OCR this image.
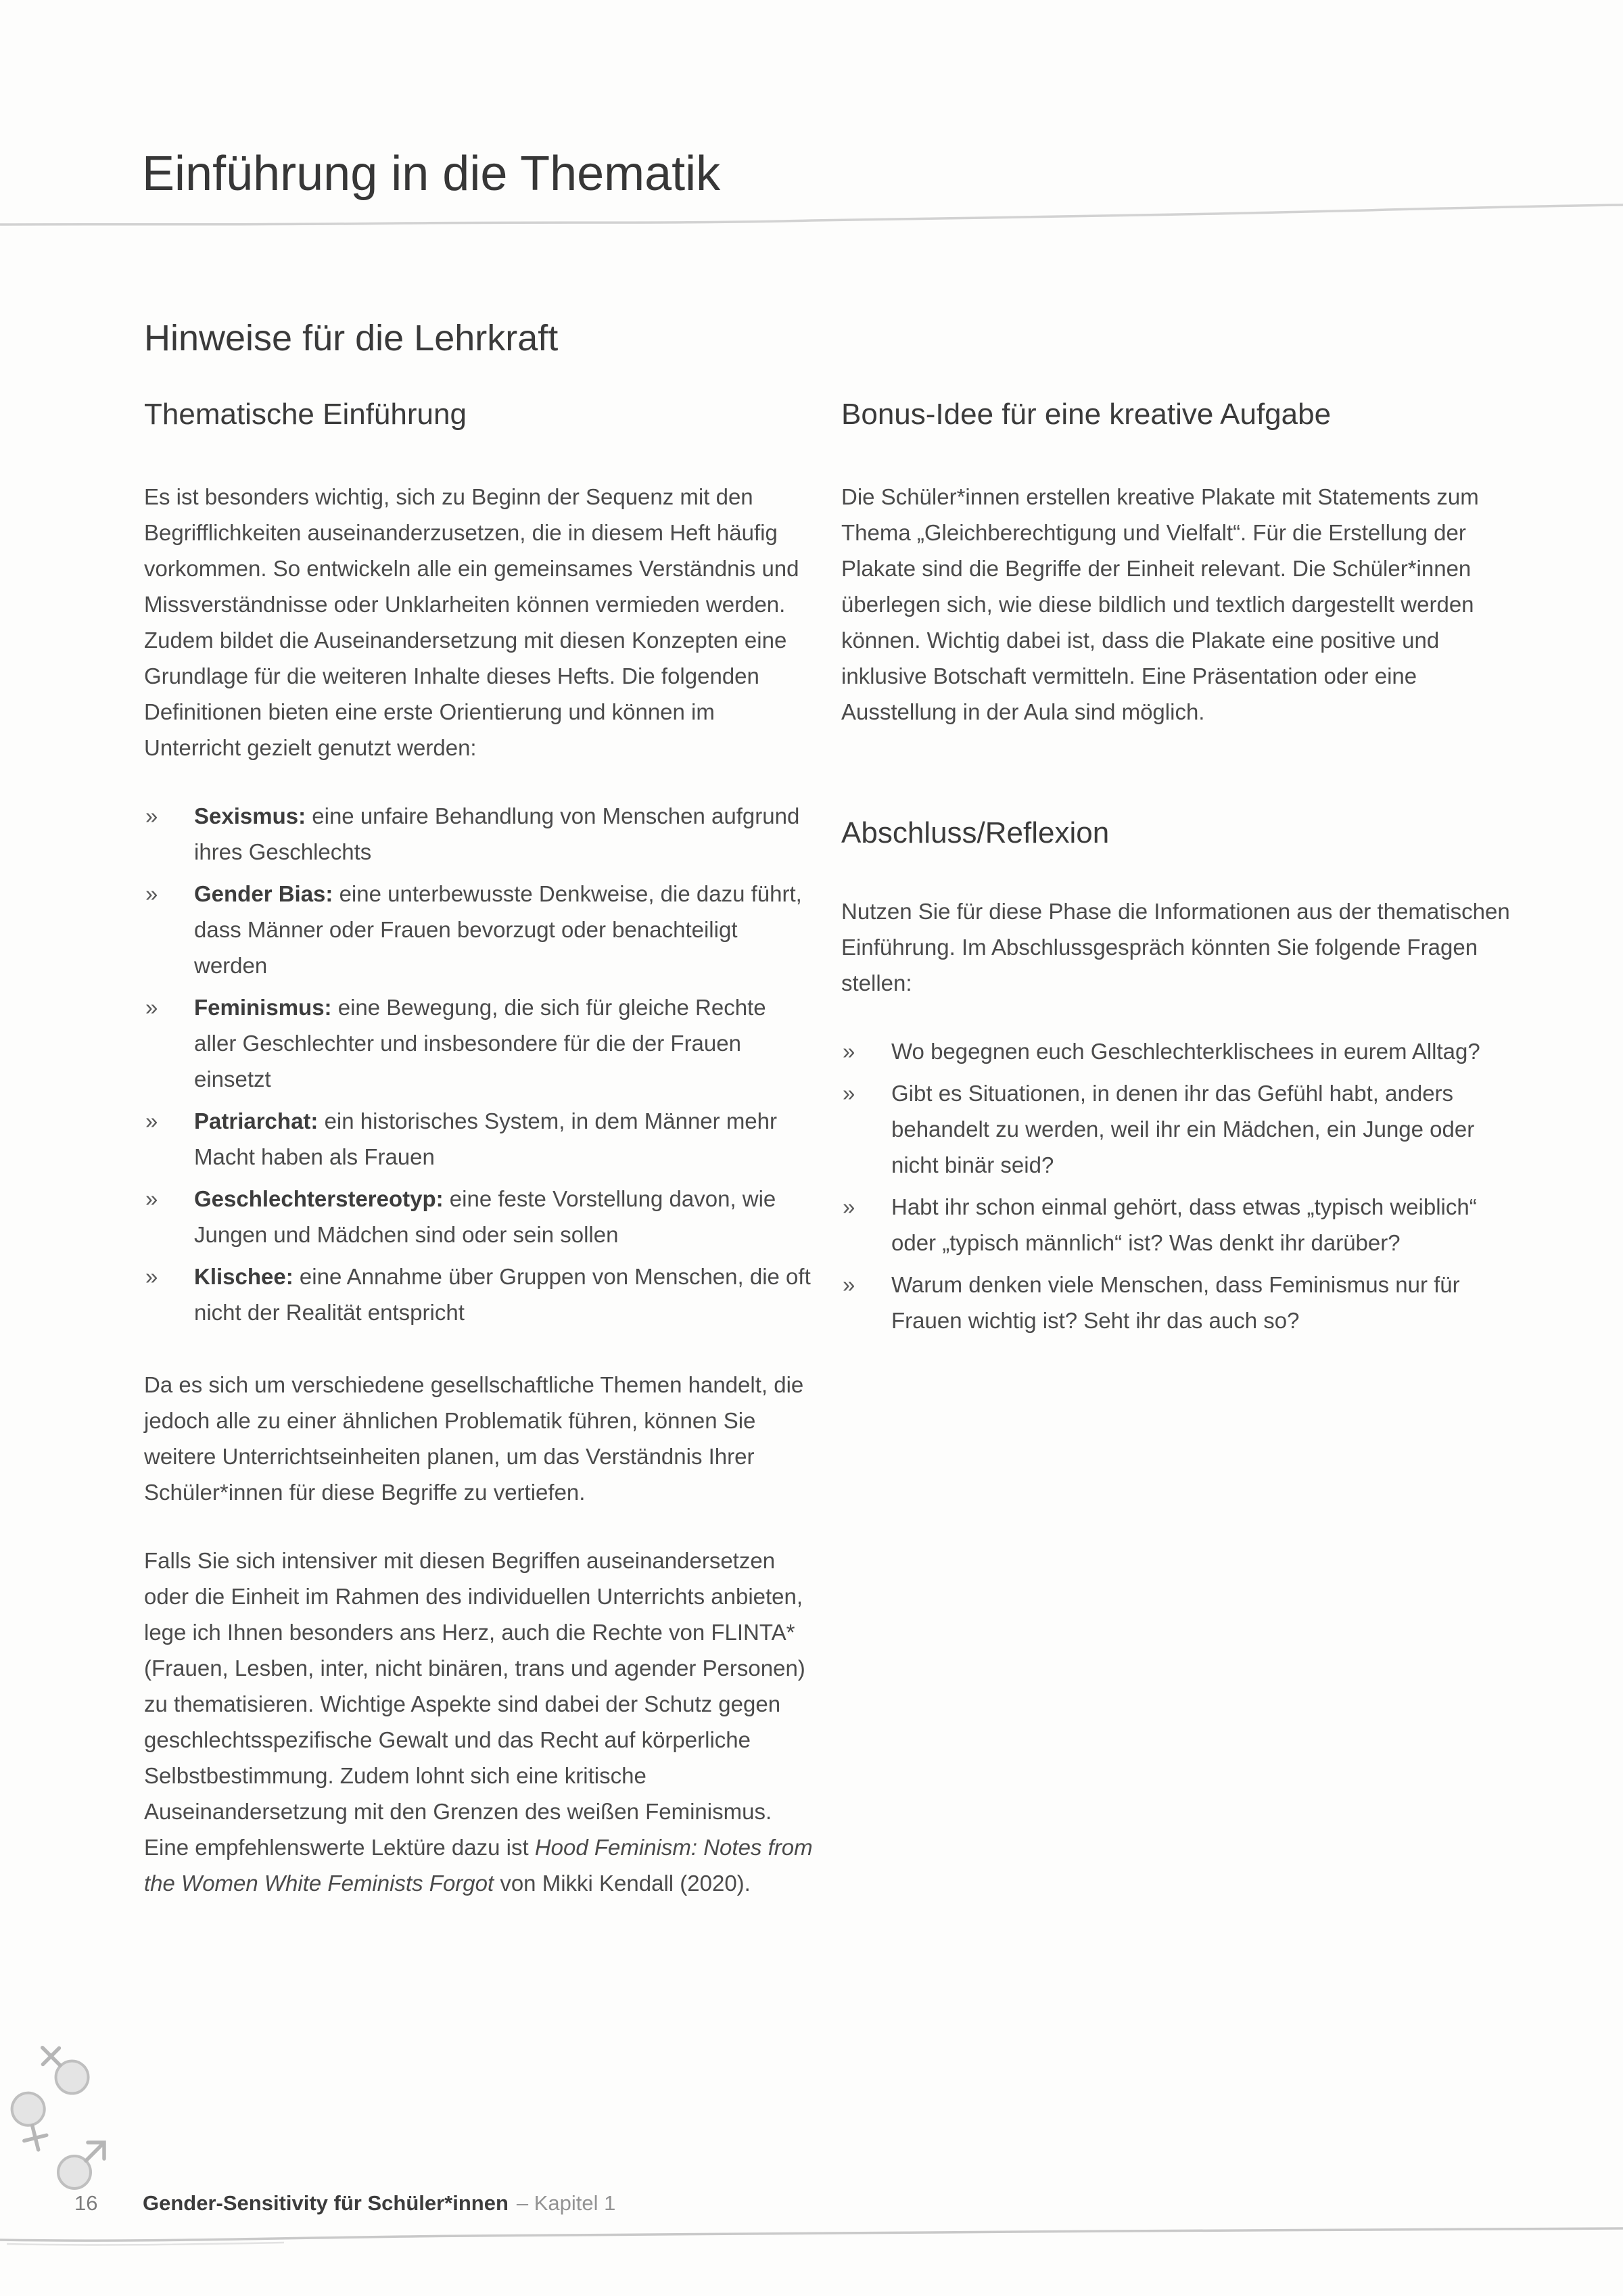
Einführung in die Thematik
Hinweise für die Lehrkraft
Thematische Einführung

Es ist besonders wichtig, sich zu Beginn der Sequenz mit den Begrifflichkeiten auseinanderzusetzen, die in diesem Heft häufig vorkommen. So entwickeln alle ein gemeinsames Verständnis und Missverständnisse oder Unklarheiten können vermieden werden. Zudem bildet die Auseinandersetzung mit diesen Konzepten eine Grundlage für die weiteren Inhalte dieses Hefts. Die folgenden Definitionen bieten eine erste Orientierung und können im Unterricht gezielt genutzt werden:

» Sexismus: eine unfaire Behandlung von Menschen aufgrund ihres Geschlechts
» Gender Bias: eine unterbewusste Denkweise, die dazu führt, dass Männer oder Frauen bevorzugt oder benachteiligt werden
» Feminismus: eine Bewegung, die sich für gleiche Rechte aller Geschlechter und insbesondere für die der Frauen einsetzt
» Patriarchat: ein historisches System, in dem Männer mehr Macht haben als Frauen
» Geschlechterstereotyp: eine feste Vorstellung davon, wie Jungen und Mädchen sind oder sein sollen
» Klischee: eine Annahme über Gruppen von Menschen, die oft nicht der Realität entspricht

Da es sich um verschiedene gesellschaftliche Themen handelt, die jedoch alle zu einer ähnlichen Problematik führen, können Sie weitere Unterrichtseinheiten planen, um das Verständnis Ihrer Schüler*innen für diese Begriffe zu vertiefen.

Falls Sie sich intensiver mit diesen Begriffen auseinandersetzen oder die Einheit im Rahmen des individuellen Unterrichts anbieten, lege ich Ihnen besonders ans Herz, auch die Rechte von FLINTA* (Frauen, Lesben, inter, nicht binären, trans und agender Personen) zu thematisieren. Wichtige Aspekte sind dabei der Schutz gegen geschlechtsspezifische Gewalt und das Recht auf körperliche Selbstbestimmung. Zudem lohnt sich eine kritische Auseinandersetzung mit den Grenzen des weißen Feminismus. Eine empfehlenswerte Lektüre dazu ist Hood Feminism: Notes from the Women White Feminists Forgot von Mikki Kendall (2020).

Bonus-Idee für eine kreative Aufgabe

Die Schüler*innen erstellen kreative Plakate mit Statements zum Thema „Gleichberechtigung und Vielfalt“. Für die Erstellung der Plakate sind die Begriffe der Einheit relevant. Die Schüler*innen überlegen sich, wie diese bildlich und textlich dargestellt werden können. Wichtig dabei ist, dass die Plakate eine positive und inklusive Botschaft vermitteln. Eine Präsentation oder eine Ausstellung in der Aula sind möglich.

Abschluss/Reflexion

Nutzen Sie für diese Phase die Informationen aus der thematischen Einführung. Im Abschlussgespräch könnten Sie folgende Fragen stellen:

» Wo begegnen euch Geschlechterklischees in eurem Alltag?
» Gibt es Situationen, in denen ihr das Gefühl habt, anders behandelt zu werden, weil ihr ein Mädchen, ein Junge oder nicht binär seid?
» Habt ihr schon einmal gehört, dass etwas „typisch weiblich“ oder „typisch männlich“ ist? Was denkt ihr darüber?
» Warum denken viele Menschen, dass Feminismus nur für Frauen wichtig ist? Seht ihr das auch so?
16 Gender-Sensitivity für Schüler*innen – Kapitel 1
